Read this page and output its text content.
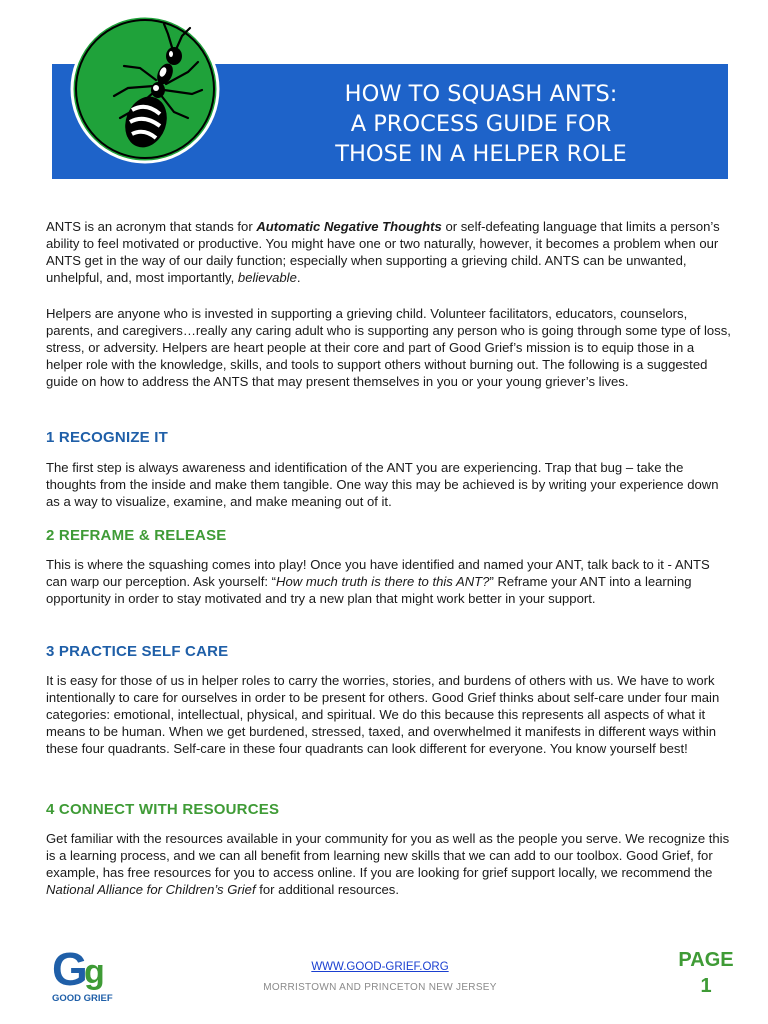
HOW TO SQUASH ANTS:
A PROCESS GUIDE FOR
THOSE IN A HELPER ROLE

ANTS is an acronym that stands for Automatic Negative Thoughts or self-defeating language that limits a person’s ability to feel motivated or productive. You might have one or two naturally, however, it becomes a problem when our ANTS get in the way of our daily function; especially when supporting a grieving child. ANTS can be unwanted, unhelpful, and, most importantly, believable.

Helpers are anyone who is invested in supporting a grieving child. Volunteer facilitators, educators, counselors, parents, and caregivers…really any caring adult who is supporting any person who is going through some type of loss, stress, or adversity. Helpers are heart people at their core and part of Good Grief’s mission is to equip those in a helper role with the knowledge, skills, and tools to support others without burning out. The following is a suggested guide on how to address the ANTS that may present themselves in you or your young griever’s lives.

1 RECOGNIZE IT

The first step is always awareness and identification of the ANT you are experiencing. Trap that bug – take the thoughts from the inside and make them tangible. One way this may be achieved is by writing your experience down as a way to visualize, examine, and make meaning out of it.

2 REFRAME & RELEASE

This is where the squashing comes into play! Once you have identified and named your ANT, talk back to it - ANTS can warp our perception. Ask yourself: “How much truth is there to this ANT?” Reframe your ANT into a learning opportunity in order to stay motivated and try a new plan that might work better in your support.

3 PRACTICE SELF CARE

It is easy for those of us in helper roles to carry the worries, stories, and burdens of others with us. We have to work intentionally to care for ourselves in order to be present for others. Good Grief thinks about self-care under four main categories: emotional, intellectual, physical, and spiritual. We do this because this represents all aspects of what it means to be human. When we get burdened, stressed, taxed, and overwhelmed it manifests in different ways within these four quadrants. Self-care in these four quadrants can look different for everyone. You know yourself best!

4 CONNECT WITH RESOURCES

Get familiar with the resources available in your community for you as well as the people you serve. We recognize this is a learning process, and we can all benefit from learning new skills that we can add to our toolbox. Good Grief, for example, has free resources for you to access online. If you are looking for grief support locally, we recommend the National Alliance for Children’s Grief for additional resources.

G
g
GOOD GRIEF
WWW.GOOD-GRIEF.ORG
MORRISTOWN AND PRINCETON NEW JERSEY
PAGE
1
